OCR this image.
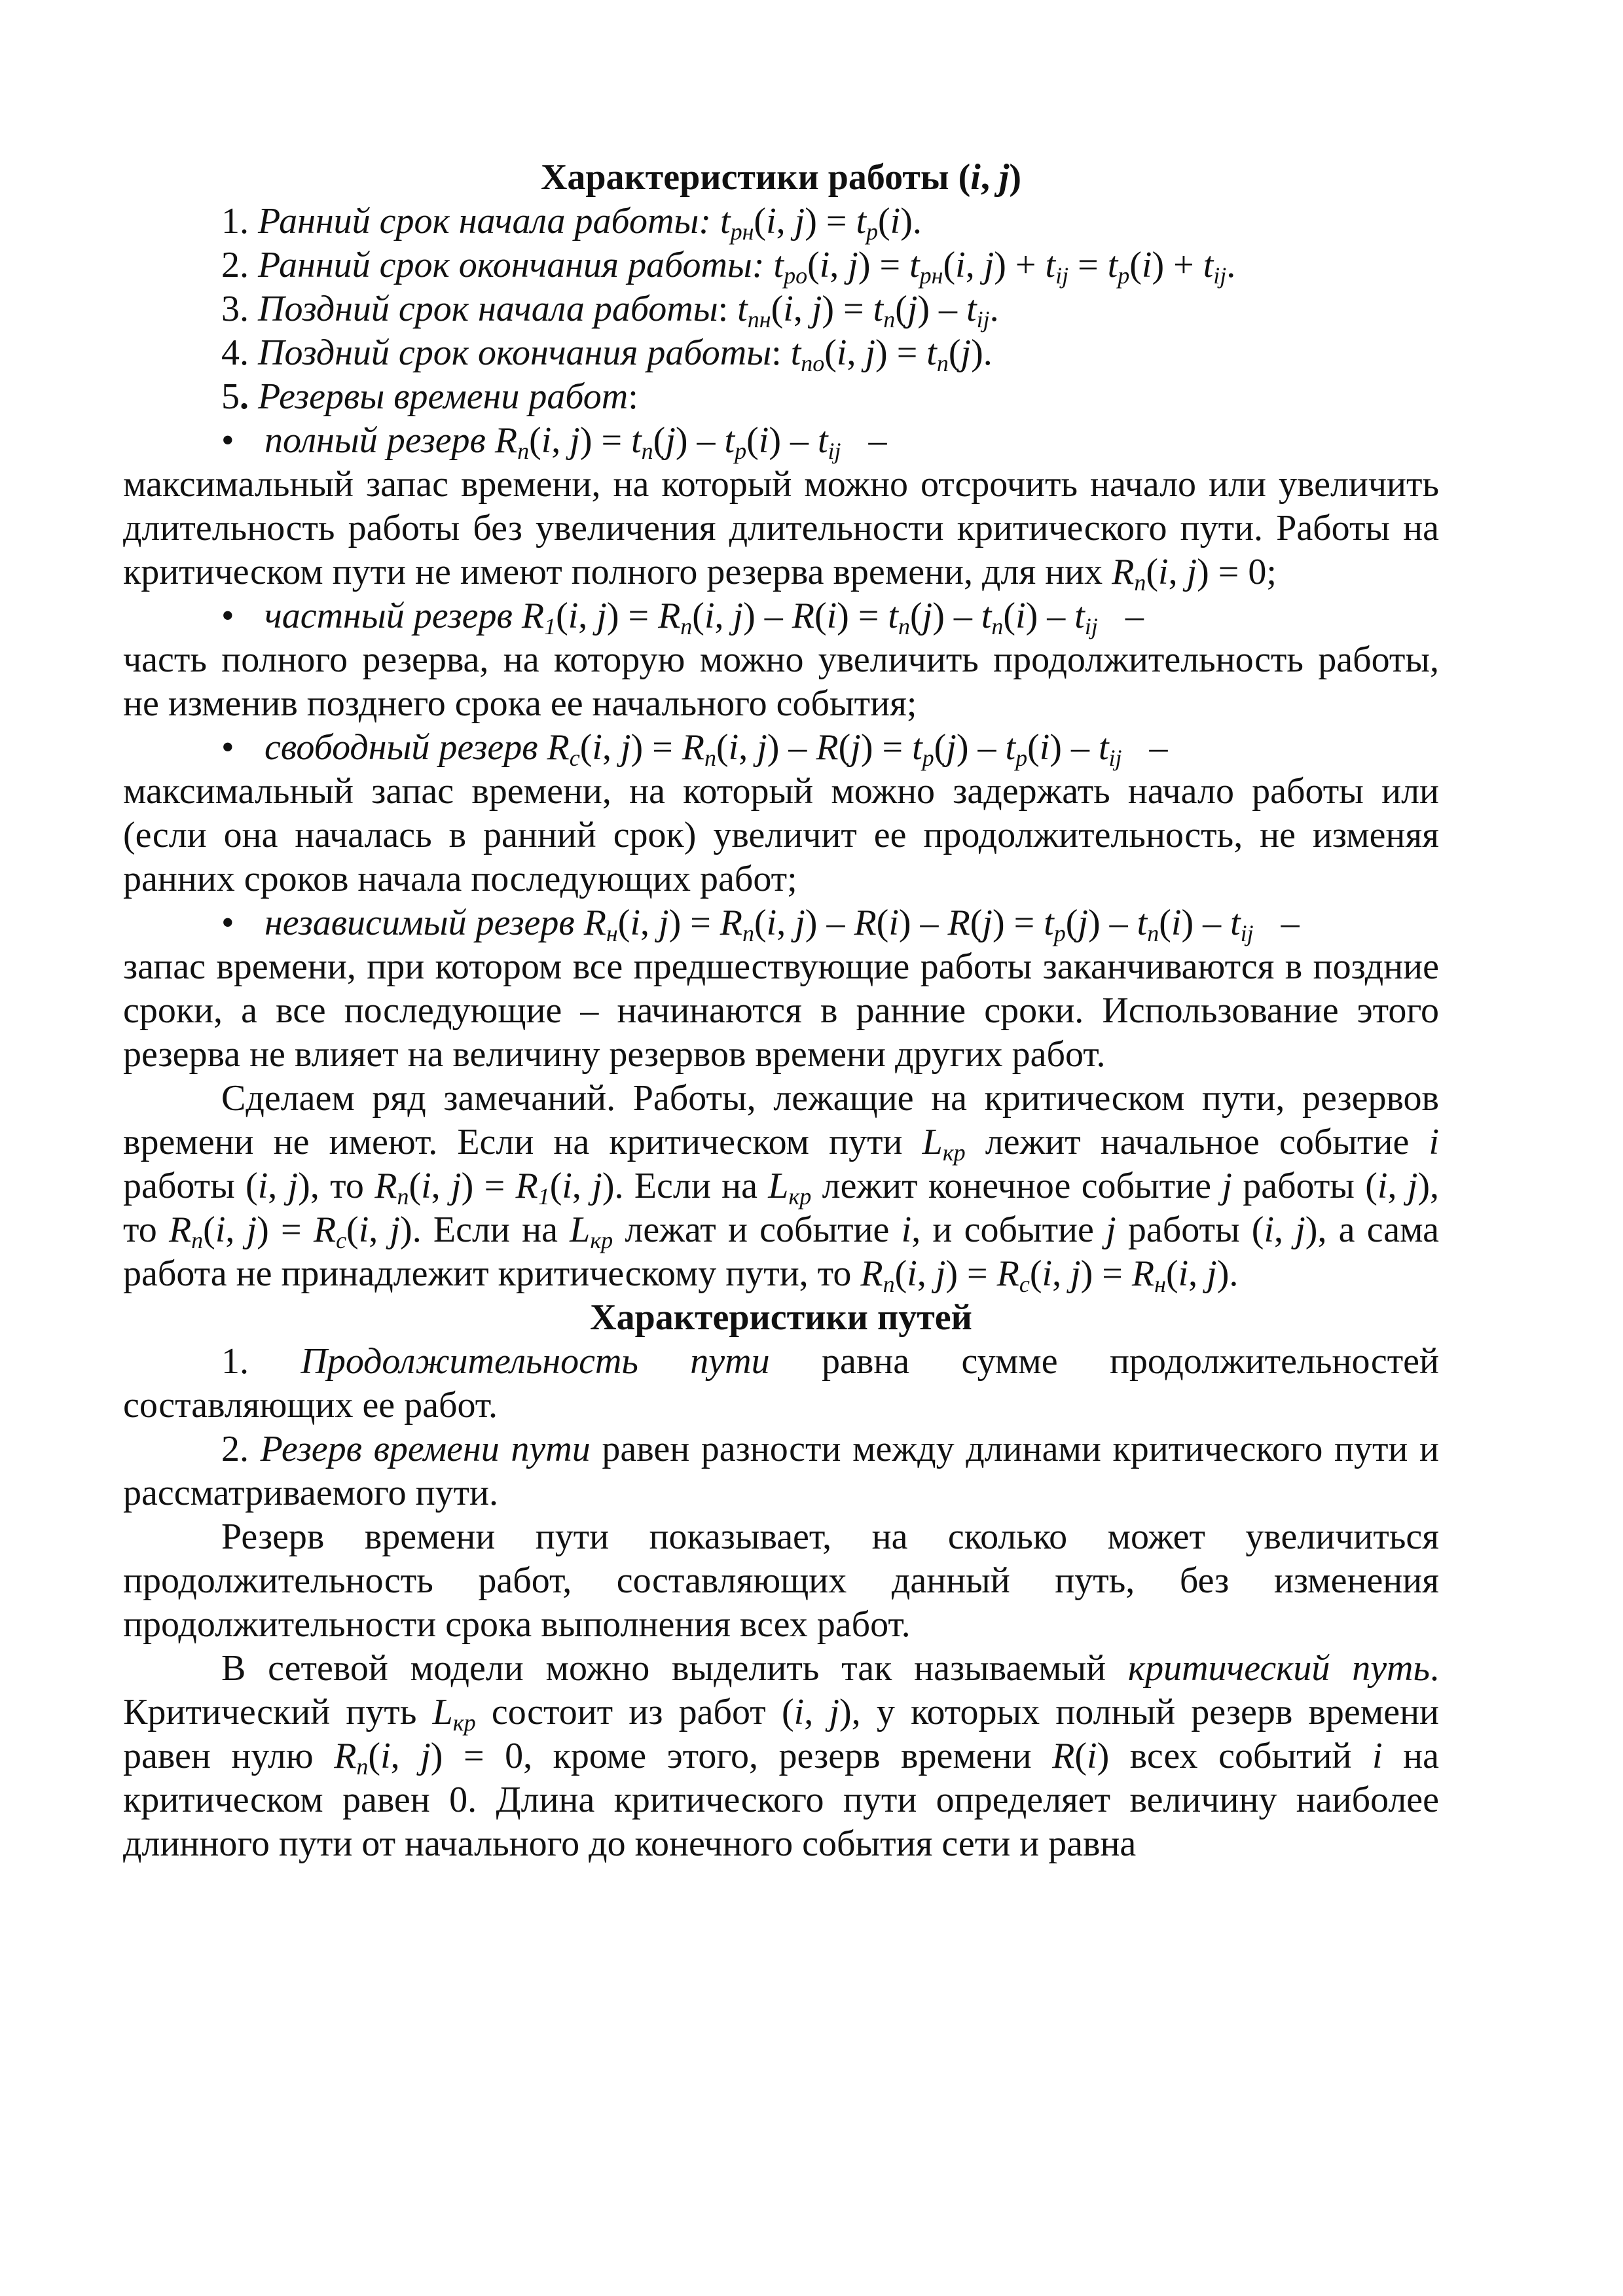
Характеристики работы (i, j)

1. Ранний срок начала работы: $t_{рн}(i$, $j) = t_р(i)$.

2. Ранний срок окончания работы: $t_{ро}(i$, $j) = t_{рн}(i$, $j) + t_{ij} = t_р(i) + t_{ij}$.

3. Поздний срок начала работы: $t_{пн}(i$, $j) = t_п(j) - t_{ij}$.

4. Поздний срок окончания работы: $t_{по}(i$, $j) = t_п(j)$.

5. Резервы времени работ:

• полный резерв $R_п(i$, $j) = t_п(j) - t_р(i) - t_{ij}$   –

максимальный запас времени, на который можно отсрочить начало или увеличить длительность работы без увеличения длительности критического пути. Работы на критическом пути не имеют полного резерва времени, для них $R_п(i$, j) = 0;

• частный резерв $R_1(i$, $j) = R_п(i$, $j) - R(i) = t_п(j) - t_п(i) - t_{ij}$   –

часть полного резерва, на которую можно увеличить продолжительность работы, не изменив позднего срока ее начального события;

• свободный резерв $R_с(i$, $j) = R_п(i$, $j) - R(j) = t_р(j) - t_р(i) - t_{ij}$   –

максимальный запас времени, на который можно задержать начало работы или (если она началась в ранний срок) увеличит ее продолжительность, не изменяя ранних сроков начала последующих работ;

• независимый резерв $R_н(i$, $j) = R_п(i$, $j) - R(i) - R(j) = t_р(j) - t_п(i) - t_{ij}$   –

запас времени, при котором все предшествующие работы заканчиваются в поздние сроки, а все последующие – начинаются в ранние сроки. Использование этого резерва не влияет на величину резервов времени других работ.

Сделаем ряд замечаний. Работы, лежащие на критическом пути, резервов времени не имеют. Если на критическом пути $L_{кр}$ лежит начальное событие i работы (i, j), то $R_п(i$, $j) = R_1(i$, j). Если на $L_{кр}$ лежит конечное событие j работы (i, j), то $R_п(i$, $j) = R_с(i$, j). Если на $L_{кр}$ лежат и событие i, и событие j работы (i, j), а сама работа не принадлежит критическому пути, то $R_п(i$, $j) = R_с(i$, $j) = R_н(i$, j).

Характеристики путей

1. Продолжительность пути равна сумме продолжительностей составляющих ее работ.

2. Резерв времени пути равен разности между длинами критического пути и рассматриваемого пути.

Резерв времени пути показывает, на сколько может увеличиться продолжительность работ, составляющих данный путь, без изменения продолжительности срока выполнения всех работ.

В сетевой модели можно выделить так называемый критический путь. Критический путь $L_{кр}$ состоит из работ (i, j), у которых полный резерв времени равен нулю $R_п(i$, j) = 0, кроме этого, резерв времени R(i) всех событий i на критическом равен 0. Длина критического пути определяет величину наиболее длинного пути от начального до конечного события сети и равна
